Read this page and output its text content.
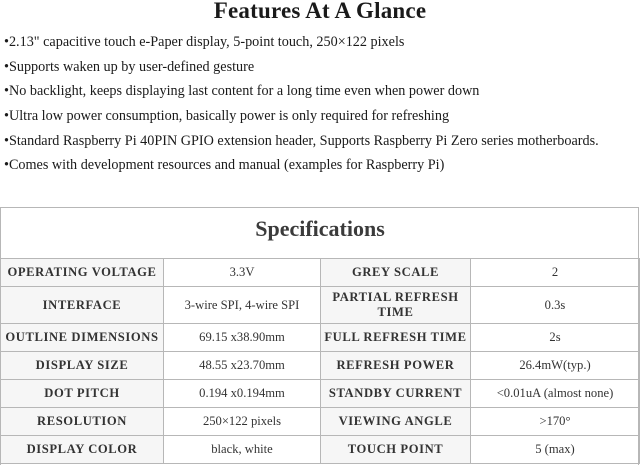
Features At A Glance
•2.13" capacitive touch e-Paper display, 5-point touch, 250×122 pixels
•Supports waken up by user-defined gesture
•No backlight, keeps displaying last content for a long time even when power down
•Ultra low power consumption, basically power is only required for refreshing
•Standard Raspberry Pi 40PIN GPIO extension header, Supports Raspberry Pi Zero series motherboards.
•Comes with development resources and manual (examples for Raspberry Pi)
Specifications
OPERATING VOLTAGE	3.3V	GREY SCALE	2
INTERFACE	3-wire SPI, 4-wire SPI	PARTIAL REFRESH TIME	0.3s
OUTLINE DIMENSIONS	69.15 x38.90mm	FULL REFRESH TIME	2s
DISPLAY SIZE	48.55 x23.70mm	REFRESH POWER	26.4mW(typ.)
DOT PITCH	0.194 x0.194mm	STANDBY CURRENT	<0.01uA (almost none)
RESOLUTION	250×122 pixels	VIEWING ANGLE	>170°
DISPLAY COLOR	black, white	TOUCH POINT	5 (max)
